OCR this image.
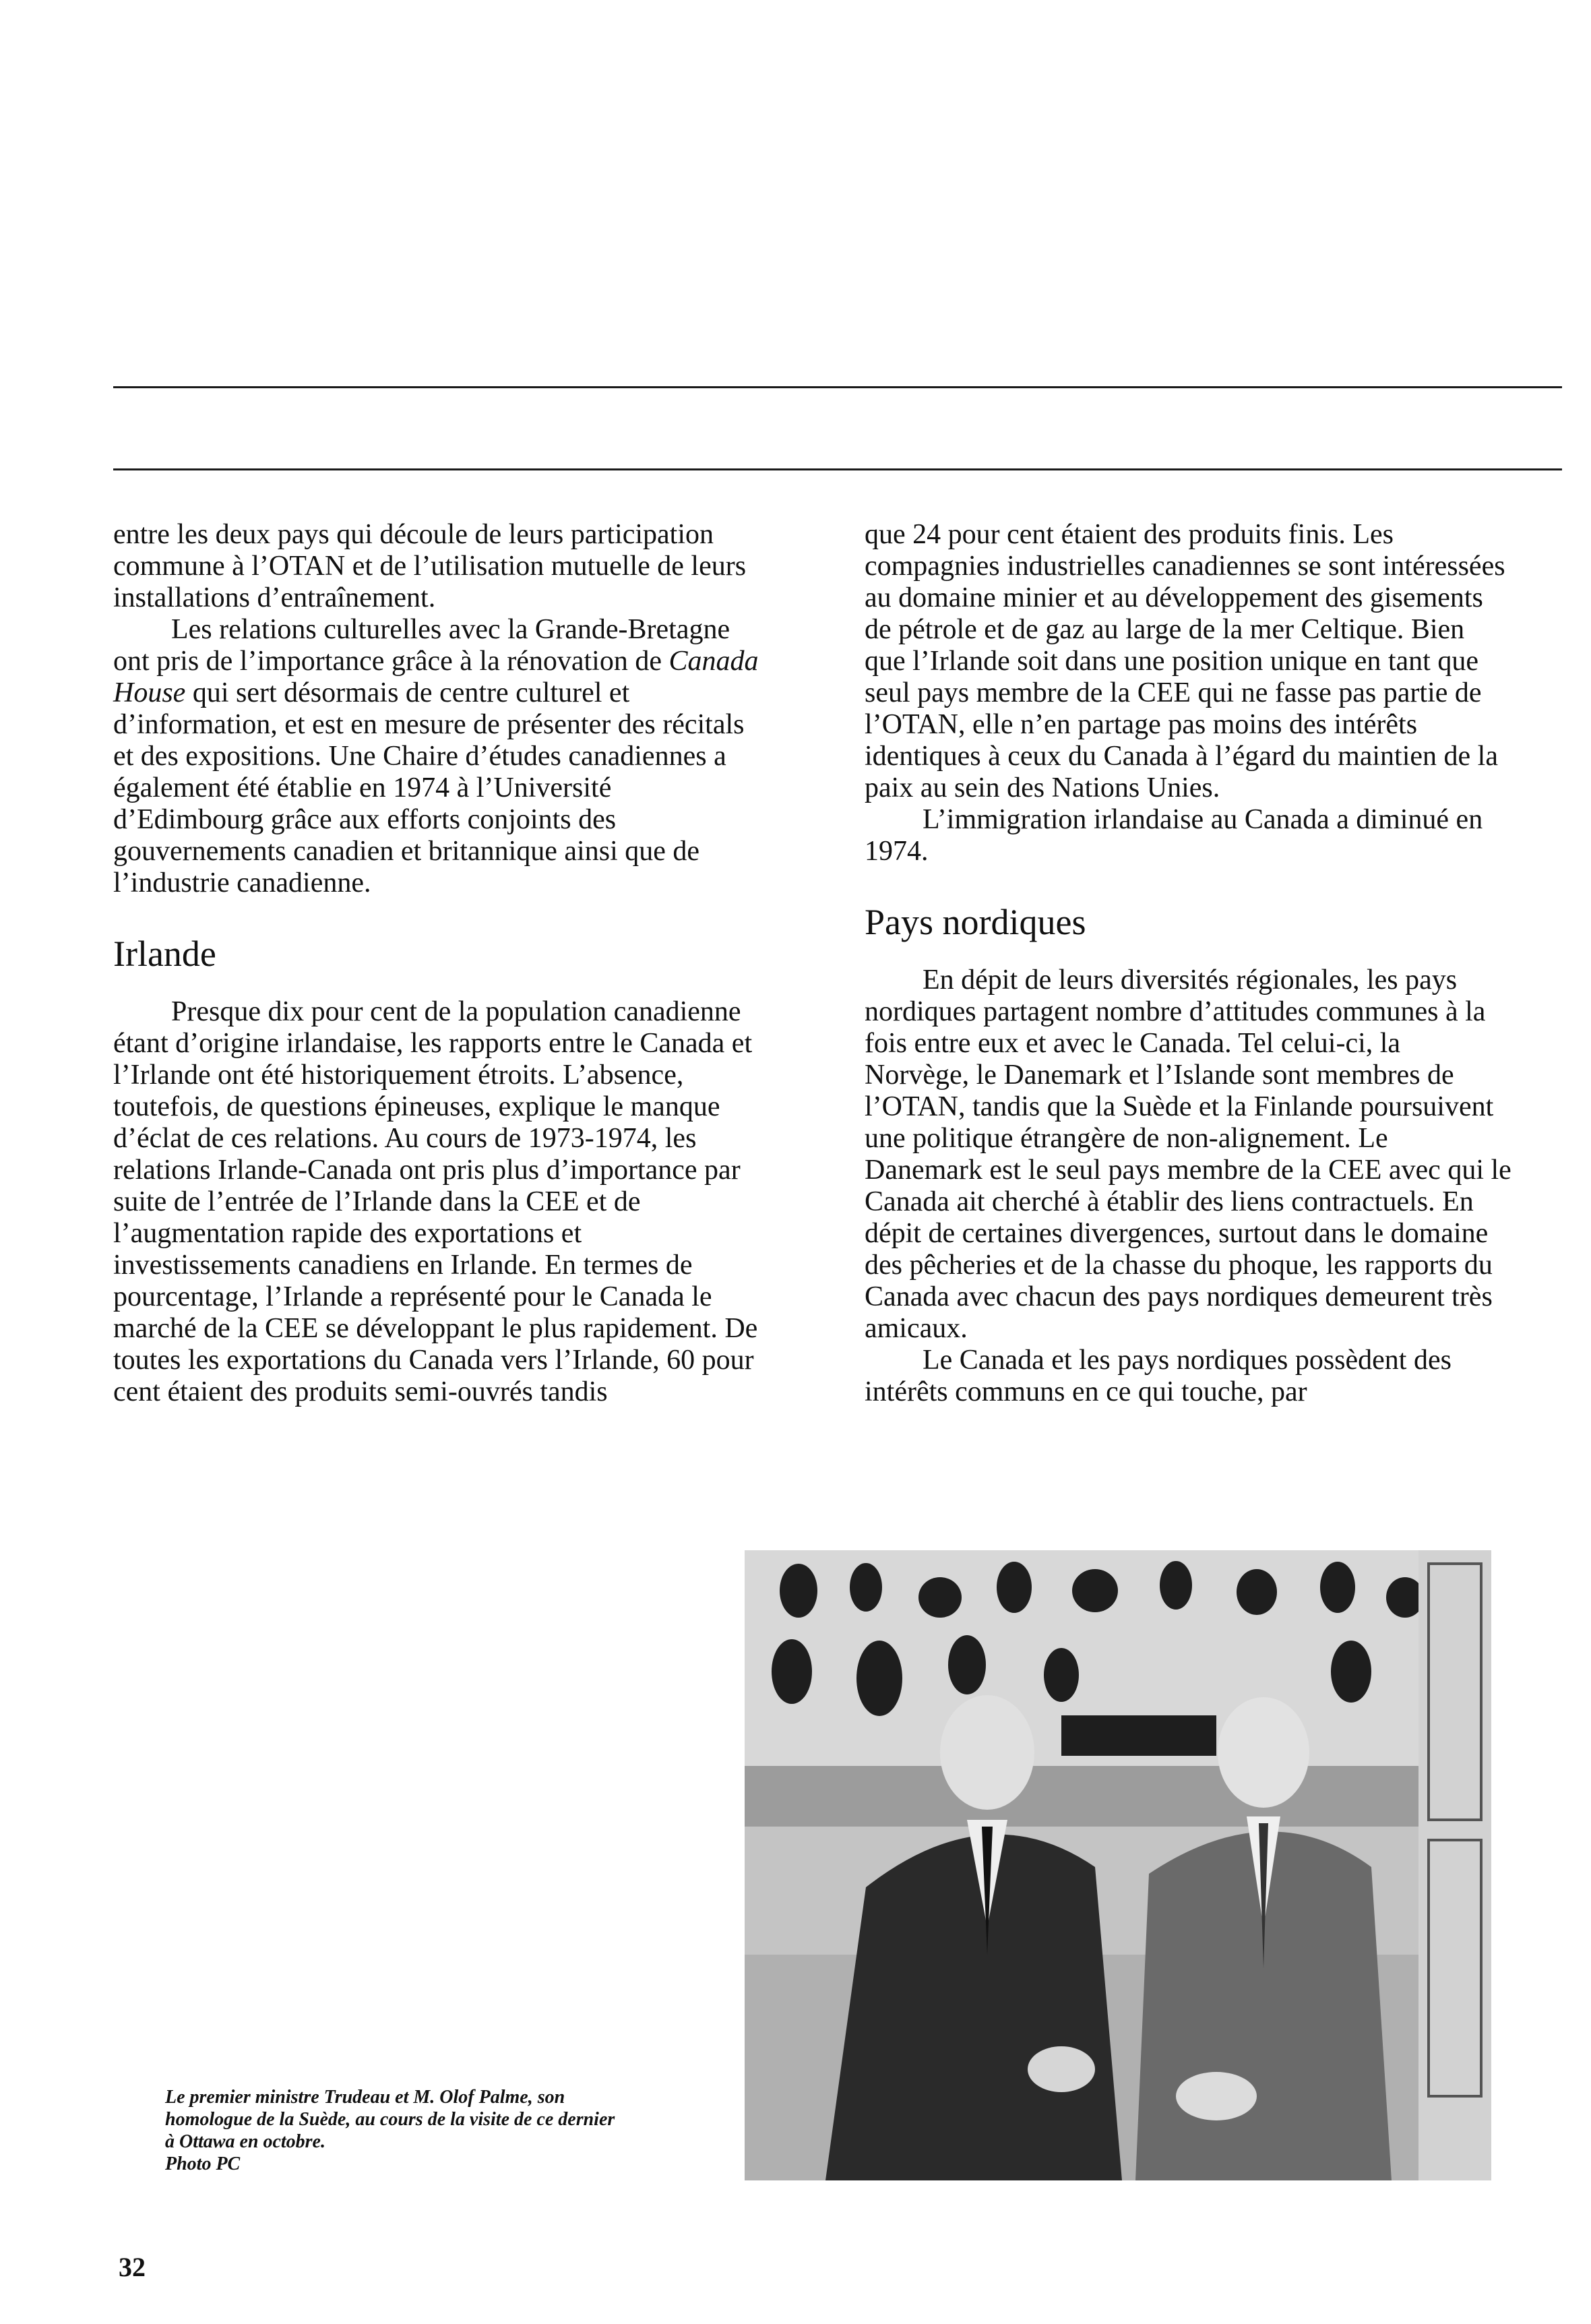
entre les deux pays qui découle de leurs participation commune à l’OTAN et de l’utilisation mutuelle de leurs installations d’entraînement.

Les relations culturelles avec la Grande-Bretagne ont pris de l’importance grâce à la rénovation de Canada House qui sert désormais de centre culturel et d’information, et est en mesure de présenter des récitals et des expositions. Une Chaire d’études canadiennes a également été établie en 1974 à l’Université d’Edimbourg grâce aux efforts conjoints des gouvernements canadien et britannique ainsi que de l’industrie canadienne.

Irlande

Presque dix pour cent de la population canadienne étant d’origine irlandaise, les rapports entre le Canada et l’Irlande ont été historiquement étroits. L’absence, toutefois, de questions épineuses, explique le manque d’éclat de ces relations. Au cours de 1973-1974, les relations Irlande-Canada ont pris plus d’importance par suite de l’entrée de l’Irlande dans la CEE et de l’augmentation rapide des exportations et investissements canadiens en Irlande. En termes de pourcentage, l’Irlande a représenté pour le Canada le marché de la CEE se développant le plus rapidement. De toutes les exportations du Canada vers l’Irlande, 60 pour cent étaient des produits semi-ouvrés tandis

que 24 pour cent étaient des produits finis. Les compagnies industrielles canadiennes se sont intéressées au domaine minier et au développement des gisements de pétrole et de gaz au large de la mer Celtique. Bien que l’Irlande soit dans une position unique en tant que seul pays membre de la CEE qui ne fasse pas partie de l’OTAN, elle n’en partage pas moins des intérêts identiques à ceux du Canada à l’égard du maintien de la paix au sein des Nations Unies.

L’immigration irlandaise au Canada a diminué en 1974.

Pays nordiques

En dépit de leurs diversités régionales, les pays nordiques partagent nombre d’attitudes communes à la fois entre eux et avec le Canada. Tel celui-ci, la Norvège, le Danemark et l’Islande sont membres de l’OTAN, tandis que la Suède et la Finlande poursuivent une politique étrangère de non-alignement. Le Danemark est le seul pays membre de la CEE avec qui le Canada ait cherché à établir des liens contractuels. En dépit de certaines divergences, surtout dans le domaine des pêcheries et de la chasse du phoque, les rapports du Canada avec chacun des pays nordiques demeurent très amicaux.

Le Canada et les pays nordiques possèdent des intérêts communs en ce qui touche, par

Le premier ministre Trudeau et M. Olof Palme, son
homologue de la Suède, au cours de la visite de ce dernier
à Ottawa en octobre.
Photo PC
32
